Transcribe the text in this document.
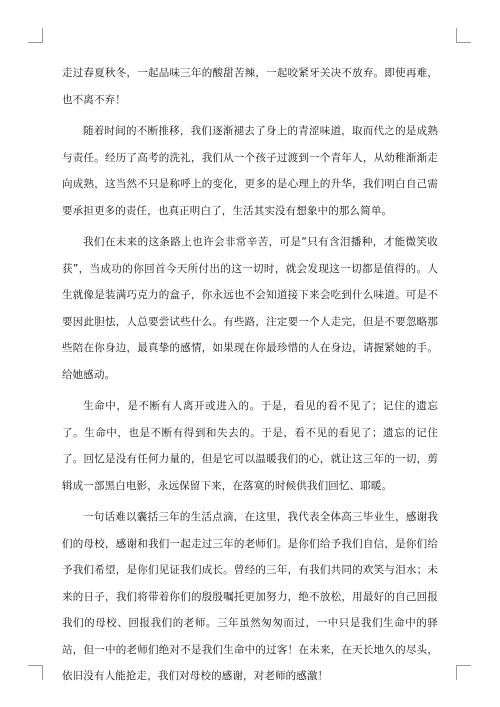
走过春夏秋冬，一起品味三年的酸甜苦辣，一起咬紧牙关决不放弃。即使再难，也不离不弃！

随着时间的不断推移，我们逐渐褪去了身上的青涩味道，取而代之的是成熟与责任。经历了高考的洗礼，我们从一个孩子过渡到一个青年人，从幼稚渐渐走向成熟，这当然不只是称呼上的变化，更多的是心理上的升华，我们明白自己需要承担更多的责任，也真正明白了，生活其实没有想象中的那么简单。

我们在未来的这条路上也许会非常辛苦，可是“只有含泪播种，才能微笑收获”，当成功的你回首今天所付出的这一切时，就会发现这一切都是值得的。人生就像是装满巧克力的盒子，你永远也不会知道接下来会吃到什么味道。可是不要因此胆怯，人总要尝试些什么。有些路，注定要一个人走完，但是不要忽略那些陪在你身边，最真挚的感情，如果现在你最珍惜的人在身边，请握紧她的手。给她感动。

生命中，是不断有人离开或进入的。于是，看见的看不见了；记住的遗忘了。生命中，也是不断有得到和失去的。于是，看不见的看见了；遗忘的记住了。回忆是没有任何力量的，但是它可以温暖我们的心，就让这三年的一切，剪辑成一部黑白电影，永远保留下来，在落寞的时候供我们回忆、耶暖。

一句话难以囊括三年的生活点滴，在这里，我代表全体高三毕业生，感谢我们的母校，感谢和我们一起走过三年的老师们。是你们给予我们自信，是你们给予我们希望，是你们见证我们成长。曾经的三年，有我们共同的欢笑与泪水；未来的日子，我们将带着你们的殷殷嘱托更加努力，绝不放松，用最好的自己回报我们的母校、回报我们的老师。三年虽然匆匆而过，一中只是我们生命中的驿站，但一中的老师们绝对不是我们生命中的过客！在未来，在天长地久的尽头，依旧没有人能抢走，我们对母校的感谢，对老师的感激！
